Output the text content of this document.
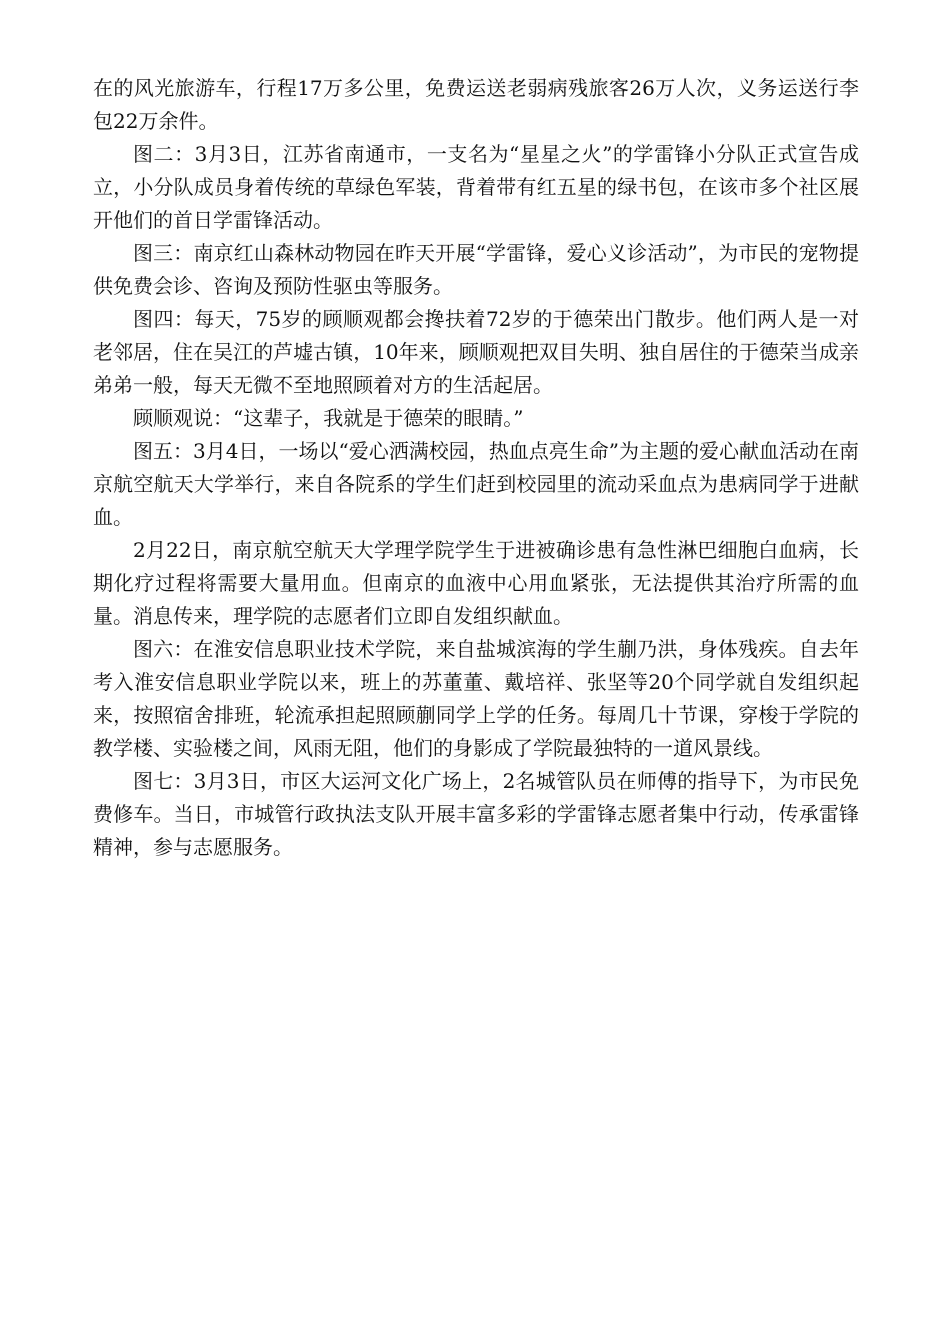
在的风光旅游车，行程17万多公里，免费运送老弱病残旅客26万人次，义务运送行李包22万余件。

图二：3月3日，江苏省南通市，一支名为“星星之火”的学雷锋小分队正式宣告成立，小分队成员身着传统的草绿色军装，背着带有红五星的绿书包，在该市多个社区展开他们的首日学雷锋活动。

图三：南京红山森林动物园在昨天开展“学雷锋，爱心义诊活动”，为市民的宠物提供免费会诊、咨询及预防性驱虫等服务。

图四：每天，75岁的顾顺观都会搀扶着72岁的于德荣出门散步。他们两人是一对老邻居，住在吴江的芦墟古镇，10年来，顾顺观把双目失明、独自居住的于德荣当成亲弟弟一般，每天无微不至地照顾着对方的生活起居。

顾顺观说：“这辈子，我就是于德荣的眼睛。”

图五：3月4日，一场以“爱心洒满校园，热血点亮生命”为主题的爱心献血活动在南京航空航天大学举行，来自各院系的学生们赶到校园里的流动采血点为患病同学于进献血。

2月22日，南京航空航天大学理学院学生于进被确诊患有急性淋巴细胞白血病，长期化疗过程将需要大量用血。但南京的血液中心用血紧张，无法提供其治疗所需的血量。消息传来，理学院的志愿者们立即自发组织献血。

图六：在淮安信息职业技术学院，来自盐城滨海的学生蒯乃洪，身体残疾。自去年考入淮安信息职业学院以来，班上的苏董董、戴培祥、张坚等20个同学就自发组织起来，按照宿舍排班，轮流承担起照顾蒯同学上学的任务。每周几十节课，穿梭于学院的教学楼、实验楼之间，风雨无阻，他们的身影成了学院最独特的一道风景线。

图七：3月3日，市区大运河文化广场上，2名城管队员在师傅的指导下，为市民免费修车。当日，市城管行政执法支队开展丰富多彩的学雷锋志愿者集中行动，传承雷锋精神，参与志愿服务。
